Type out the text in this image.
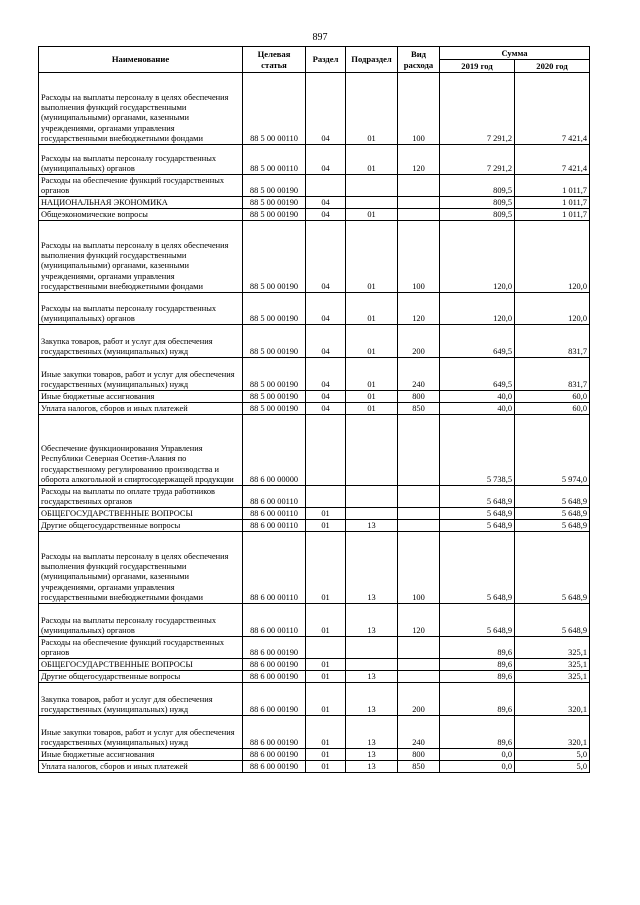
897
Наименование	Целевая статья	Раздел	Подраздел	Вид расхода	Сумма	
					2019 год	2020 год
Расходы на выплаты персоналу в целях обеспечения выполнения функций государственными (муниципальными) органами, казенными учреждениями, органами управления государственными внебюджетными фондами	88 5 00 00110	04	01	100	7 291,2	7 421,4
Расходы на выплаты персоналу государственных (муниципальных) органов	88 5 00 00110	04	01	120	7 291,2	7 421,4
Расходы на обеспечение функций государственных органов	88 5 00 00190				809,5	1 011,7
НАЦИОНАЛЬНАЯ ЭКОНОМИКА	88 5 00 00190	04			809,5	1 011,7
Общеэкономические вопросы	88 5 00 00190	04	01		809,5	1 011,7
Расходы на выплаты персоналу в целях обеспечения выполнения функций государственными (муниципальными) органами, казенными учреждениями, органами управления государственными внебюджетными фондами	88 5 00 00190	04	01	100	120,0	120,0
Расходы на выплаты персоналу государственных (муниципальных) органов	88 5 00 00190	04	01	120	120,0	120,0
Закупка товаров, работ и услуг для обеспечения государственных (муниципальных) нужд	88 5 00 00190	04	01	200	649,5	831,7
Иные закупки товаров, работ и услуг для обеспечения государственных (муниципальных) нужд	88 5 00 00190	04	01	240	649,5	831,7
Иные бюджетные ассигнования	88 5 00 00190	04	01	800	40,0	60,0
Уплата налогов, сборов и иных платежей	88 5 00 00190	04	01	850	40,0	60,0
Обеспечение функционирования Управления Республики Северная Осетия-Алания по государственному регулированию производства и оборота алкогольной и спиртосодержащей продукции	88 6 00 00000				5 738,5	5 974,0
Расходы на выплаты по оплате труда работников государственных органов	88 6 00 00110				5 648,9	5 648,9
ОБЩЕГОСУДАРСТВЕННЫЕ ВОПРОСЫ	88 6 00 00110	01			5 648,9	5 648,9
Другие общегосударственные вопросы	88 6 00 00110	01	13		5 648,9	5 648,9
Расходы на выплаты персоналу в целях обеспечения выполнения функций государственными (муниципальными) органами, казенными учреждениями, органами управления государственными внебюджетными фондами	88 6 00 00110	01	13	100	5 648,9	5 648,9
Расходы на выплаты персоналу государственных (муниципальных) органов	88 6 00 00110	01	13	120	5 648,9	5 648,9
Расходы на обеспечение функций государственных органов	88 6 00 00190				89,6	325,1
ОБЩЕГОСУДАРСТВЕННЫЕ ВОПРОСЫ	88 6 00 00190	01			89,6	325,1
Другие общегосударственные вопросы	88 6 00 00190	01	13		89,6	325,1
Закупка товаров, работ и услуг для обеспечения государственных (муниципальных) нужд	88 6 00 00190	01	13	200	89,6	320,1
Иные закупки товаров, работ и услуг для обеспечения государственных (муниципальных) нужд	88 6 00 00190	01	13	240	89,6	320,1
Иные бюджетные ассигнования	88 6 00 00190	01	13	800	0,0	5,0
Уплата налогов, сборов и иных платежей	88 6 00 00190	01	13	850	0,0	5,0
